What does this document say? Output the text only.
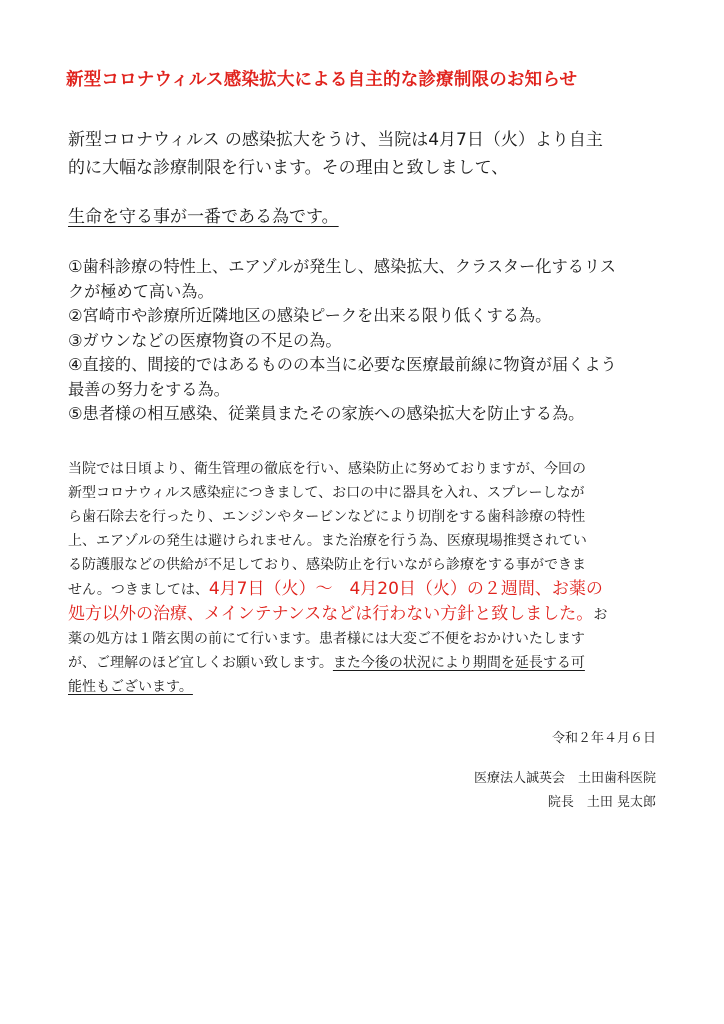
新型コロナウィルス感染拡大による自主的な診療制限のお知らせ
新型コロナウィルス の感染拡大をうけ、当院は4月7日（火）より自主
的に大幅な診療制限を行います。その理由と致しまして、
生命を守る事が一番である為です。
①歯科診療の特性上、エアゾルが発生し、感染拡大、クラスター化するリス
クが極めて高い為。
②宮崎市や診療所近隣地区の感染ピークを出来る限り低くする為。
③ガウンなどの医療物資の不足の為。
④直接的、間接的ではあるものの本当に必要な医療最前線に物資が届くよう
最善の努力をする為。
⑤患者様の相互感染、従業員またその家族への感染拡大を防止する為。
当院では日頃より、衛生管理の徹底を行い、感染防止に努めておりますが、今回の
新型コロナウィルス感染症につきまして、お口の中に器具を入れ、スプレーしなが
ら歯石除去を行ったり、エンジンやタービンなどにより切削をする歯科診療の特性
上、エアゾルの発生は避けられません。また治療を行う為、医療現場推奨されてい
る防護服などの供給が不足しており、感染防止を行いながら診療をする事ができま
せん。つきましては、4月7日（火）〜　4月20日（火）の２週間、お薬の
処方以外の治療、メインテナンスなどは行わない方針と致しました。お
薬の処方は１階玄関の前にて行います。患者様には大変ご不便をおかけいたします
が、ご理解のほど宜しくお願い致します。また今後の状況により期間を延長する可
能性もございます。
令和２年４月６日
医療法人誠英会　土田歯科医院
院長　土田 晃太郎
